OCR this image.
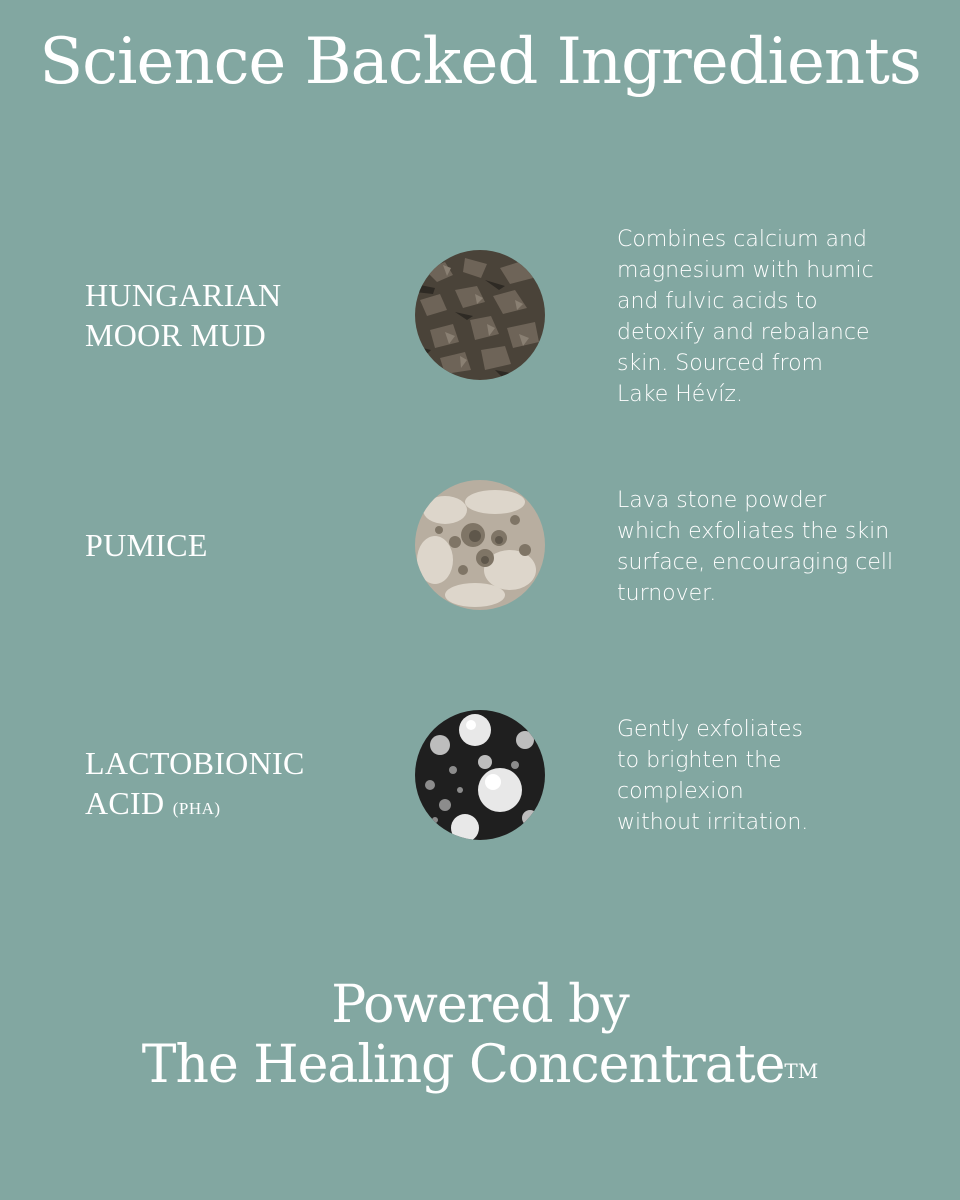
Science Backed Ingredients
HUNGARIAN
MOOR MUD
Combines calcium and
magnesium with humic
and fulvic acids to
detoxify and rebalance
skin. Sourced from
Lake Hévíz.
PUMICE
Lava stone powder
which exfoliates the skin
surface, encouraging cell
turnover.
LACTOBIONIC
ACID (PHA)
Gently exfoliates
to brighten the
complexion
without irritation.
Powered by
The Healing Concentrate™
